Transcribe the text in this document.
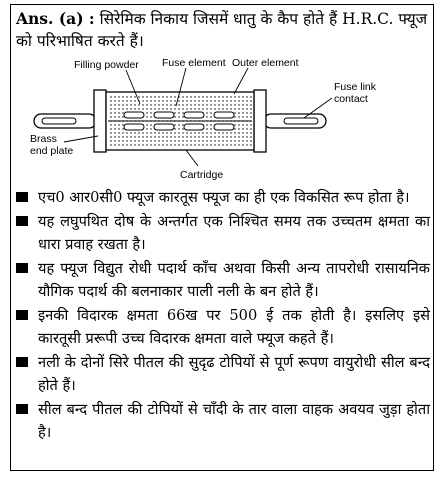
Ans. (a) : सिरेमिक निकाय जिसमें धातु के कैप होते हैं H.R.C. फ्यूज को परिभाषित करते हैं।
Filling powder Fuse element Outer element
Fuse link
contact
Brass
end plate
Cartridge
एच0 आर0सी0 फ्यूज कारतूस फ्यूज का ही एक विकसित रूप होता है।
यह लघुपथित दोष के अन्तर्गत एक निश्चित समय तक उच्चतम क्षमता का धारा प्रवाह रखता है।
यह फ्यूज विद्युत रोधी पदार्थ काँच अथवा किसी अन्य तापरोधी रासायनिक यौगिक पदार्थ की बलनाकार पाली नली के बन होते हैं।
इनकी विदारक क्षमता 66ख पर 500 ई तक होती है। इसलिए इसे कारतूसी प्ररूपी उच्च विदारक क्षमता वाले फ्यूज कहते हैं।
नली के दोनों सिरे पीतल की सुदृढ टोपियों से पूर्ण रूपण वायुरोधी सील बन्द होते हैं।
सील बन्द पीतल की टोपियों से चाँदी के तार वाला वाहक अवयव जुड़ा होता है।
